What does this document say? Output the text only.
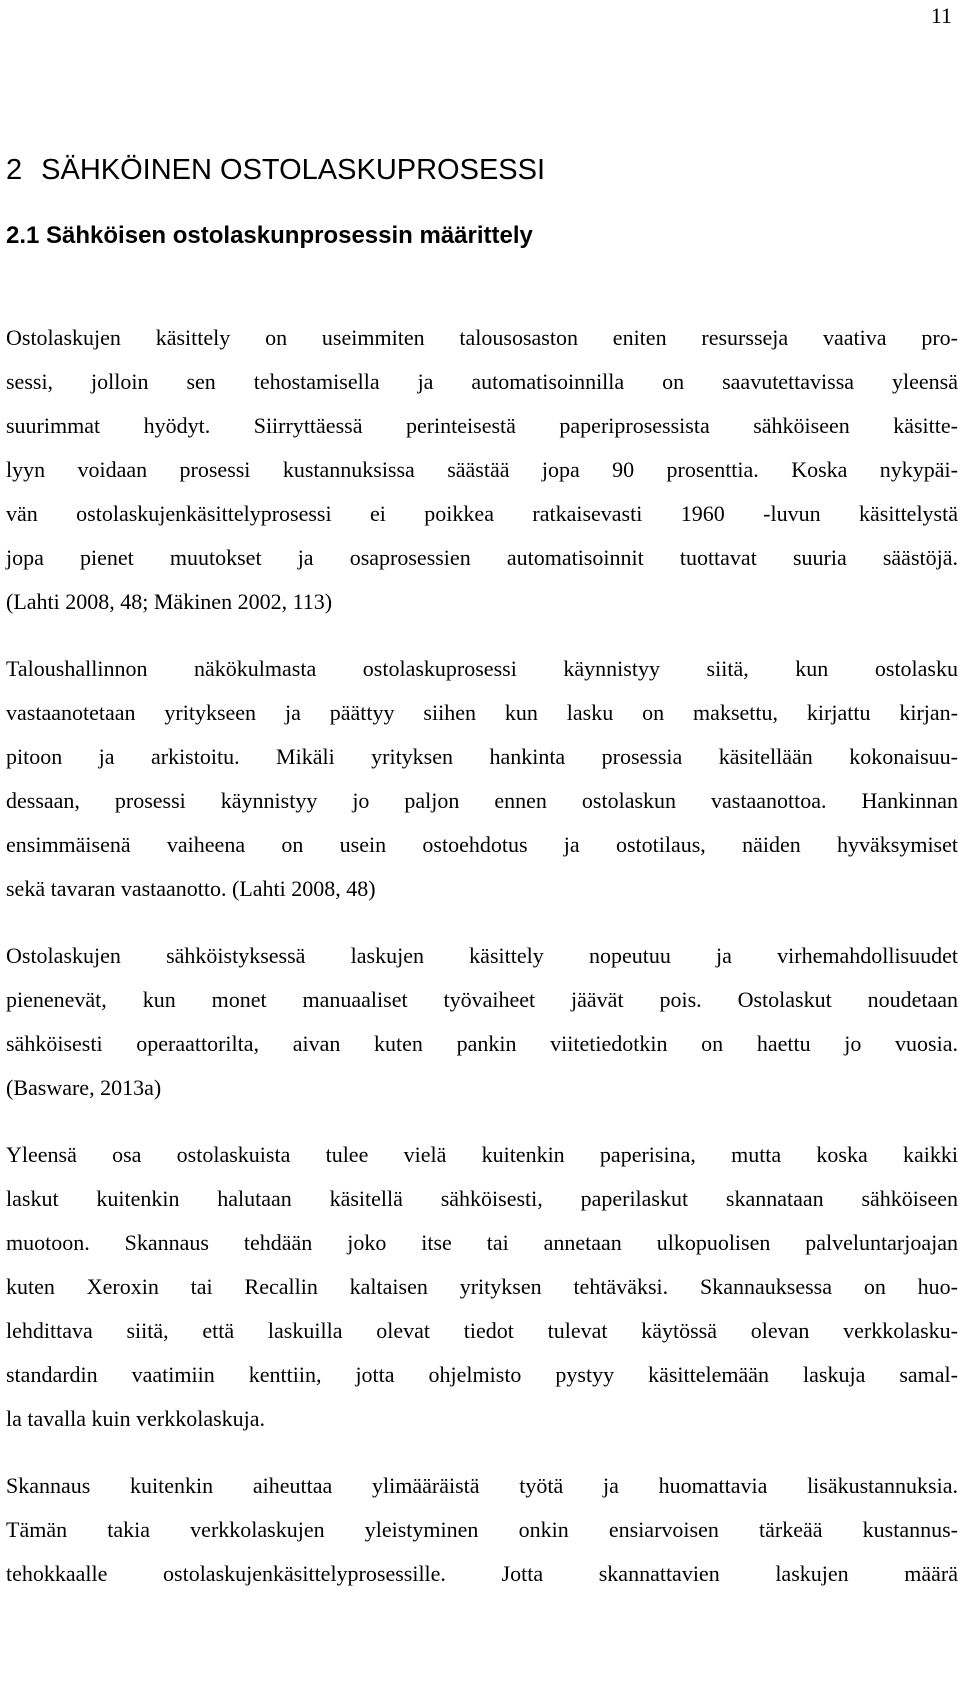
11
2 SÄHKÖINEN OSTOLASKUPROSESSI
2.1 Sähköisen ostolaskunprosessin määrittely

Ostolaskujen käsittely on useimmiten talousosaston eniten resursseja vaativa pro-
sessi, jolloin sen tehostamisella ja automatisoinnilla on saavutettavissa yleensä
suurimmat hyödyt. Siirryttäessä perinteisestä paperiprosessista sähköiseen käsitte-
lyyn voidaan prosessi kustannuksissa säästää jopa 90 prosenttia. Koska nykypäi-
vän ostolaskujenkäsittelyprosessi ei poikkea ratkaisevasti 1960 -luvun käsittelystä
jopa pienet muutokset ja osaprosessien automatisoinnit tuottavat suuria säästöjä.
(Lahti 2008, 48; Mäkinen 2002, 113)

Taloushallinnon näkökulmasta ostolaskuprosessi käynnistyy siitä, kun ostolasku
vastaanotetaan yritykseen ja päättyy siihen kun lasku on maksettu, kirjattu kirjan-
pitoon ja arkistoitu. Mikäli yrityksen hankinta prosessia käsitellään kokonaisuu-
dessaan, prosessi käynnistyy jo paljon ennen ostolaskun vastaanottoa. Hankinnan
ensimmäisenä vaiheena on usein ostoehdotus ja ostotilaus, näiden hyväksymiset
sekä tavaran vastaanotto. (Lahti 2008, 48)

Ostolaskujen sähköistyksessä laskujen käsittely nopeutuu ja virhemahdollisuudet
pienenevät, kun monet manuaaliset työvaiheet jäävät pois. Ostolaskut noudetaan
sähköisesti operaattorilta, aivan kuten pankin viitetiedotkin on haettu jo vuosia.
(Basware, 2013a)

Yleensä osa ostolaskuista tulee vielä kuitenkin paperisina, mutta koska kaikki
laskut kuitenkin halutaan käsitellä sähköisesti, paperilaskut skannataan sähköiseen
muotoon. Skannaus tehdään joko itse tai annetaan ulkopuolisen palveluntarjoajan
kuten Xeroxin tai Recallin kaltaisen yrityksen tehtäväksi. Skannauksessa on huo-
lehdittava siitä, että laskuilla olevat tiedot tulevat käytössä olevan verkkolasku-
standardin vaatimiin kenttiin, jotta ohjelmisto pystyy käsittelemään laskuja samal-
la tavalla kuin verkkolaskuja.

Skannaus kuitenkin aiheuttaa ylimääräistä työtä ja huomattavia lisäkustannuksia.
Tämän takia verkkolaskujen yleistyminen onkin ensiarvoisen tärkeää kustannus-
tehokkaalle ostolaskujenkäsittelyprosessille. Jotta skannattavien laskujen määrä
